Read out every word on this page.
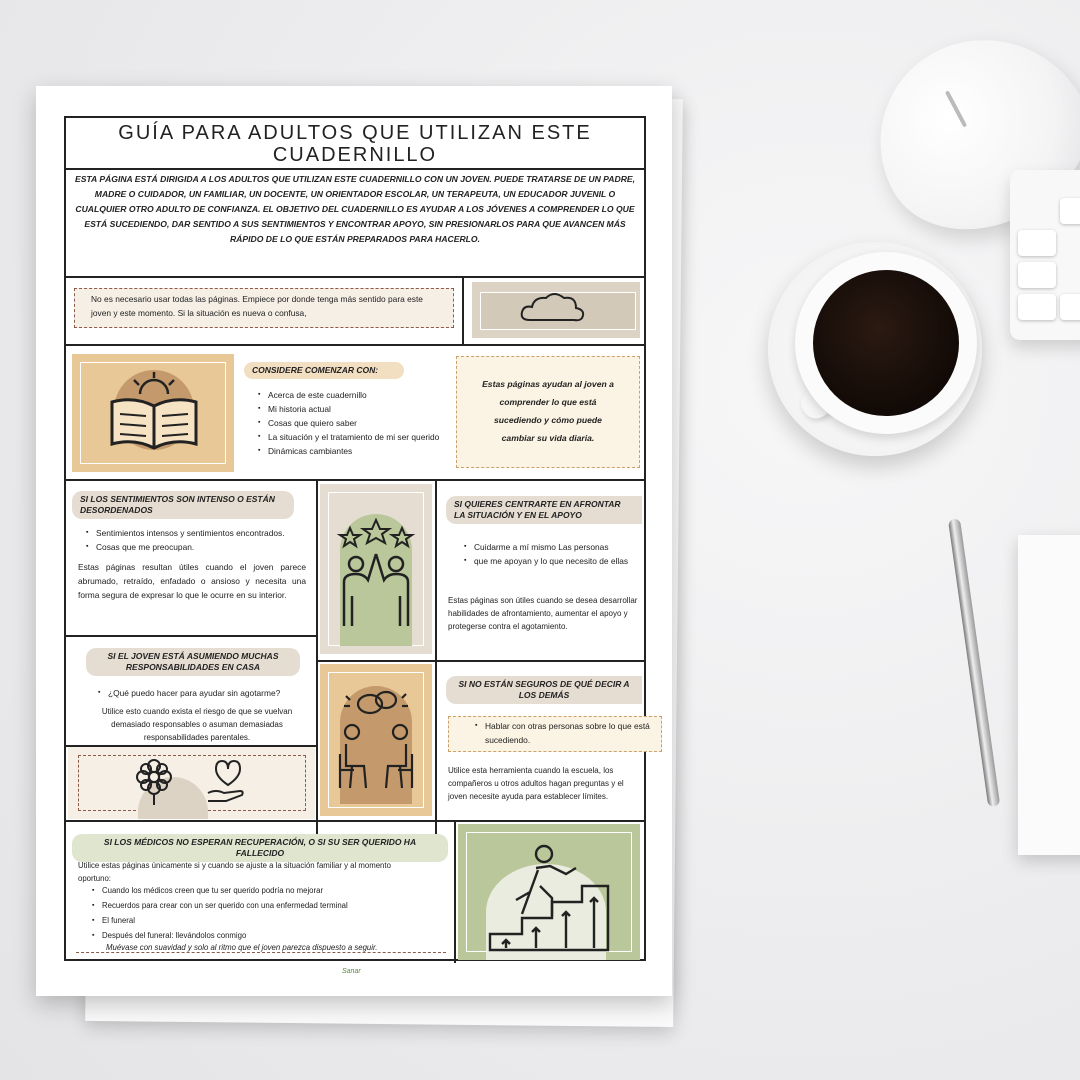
GUÍA PARA ADULTOS QUE UTILIZAN ESTE CUADERNILLO
ESTA PÁGINA ESTÁ DIRIGIDA A LOS ADULTOS QUE UTILIZAN ESTE CUADERNILLO CON UN JOVEN. PUEDE TRATARSE DE UN PADRE, MADRE O CUIDADOR, UN FAMILIAR, UN DOCENTE, UN ORIENTADOR ESCOLAR, UN TERAPEUTA, UN EDUCADOR JUVENIL O CUALQUIER OTRO ADULTO DE CONFIANZA. EL OBJETIVO DEL CUADERNILLO ES AYUDAR A LOS JÓVENES A COMPRENDER LO QUE ESTÁ SUCEDIENDO, DAR SENTIDO A SUS SENTIMIENTOS Y ENCONTRAR APOYO, SIN PRESIONARLOS PARA QUE AVANCEN MÁS RÁPIDO DE LO QUE ESTÁN PREPARADOS PARA HACERLO.
No es necesario usar todas las páginas. Empiece por donde tenga más sentido para este joven y este momento. Si la situación es nueva o confusa,
CONSIDERE COMENZAR CON:
▪ Acerca de este cuadernillo
▪ Mi historia actual
▪ Cosas que quiero saber
▪ La situación y el tratamiento de mi ser querido
▪ Dinámicas cambiantes
Estas páginas ayudan al joven a comprender lo que está sucediendo y cómo puede cambiar su vida diaria.
SI LOS SENTIMIENTOS SON INTENSO O ESTÁN DESORDENADOS
▪ Sentimientos intensos y sentimientos encontrados.
▪ Cosas que me preocupan.
Estas páginas resultan útiles cuando el joven parece abrumado, retraído, enfadado o ansioso y necesita una forma segura de expresar lo que le ocurre en su interior.
SI QUIERES CENTRARTE EN AFRONTAR LA SITUACIÓN Y EN EL APOYO
▪ Cuidarme a mí mismo Las personas
▪ que me apoyan y lo que necesito de ellas
Estas páginas son útiles cuando se desea desarrollar habilidades de afrontamiento, aumentar el apoyo y protegerse contra el agotamiento.
SI EL JOVEN ESTÁ ASUMIENDO MUCHAS RESPONSABILIDADES EN CASA
▪ ¿Qué puedo hacer para ayudar sin agotarme?
Utilice esto cuando exista el riesgo de que se vuelvan demasiado responsables o asuman demasiadas responsabilidades parentales.
SI NO ESTÁN SEGUROS DE QUÉ DECIR A LOS DEMÁS
▪ Hablar con otras personas sobre lo que está sucediendo.
Utilice esta herramienta cuando la escuela, los compañeros u otros adultos hagan preguntas y el joven necesite ayuda para establecer límites.
SI LOS MÉDICOS NO ESPERAN RECUPERACIÓN, O SI SU SER QUERIDO HA FALLECIDO
Utilice estas páginas únicamente si y cuando se ajuste a la situación familiar y al momento oportuno:
▪ Cuando los médicos creen que tu ser querido podría no mejorar
▪ Recuerdos para crear con un ser querido con una enfermedad terminal
▪ El funeral
▪ Después del funeral: llevándolos conmigo
Muévase con suavidad y solo al ritmo que el joven parezca dispuesto a seguir.
Sanar
